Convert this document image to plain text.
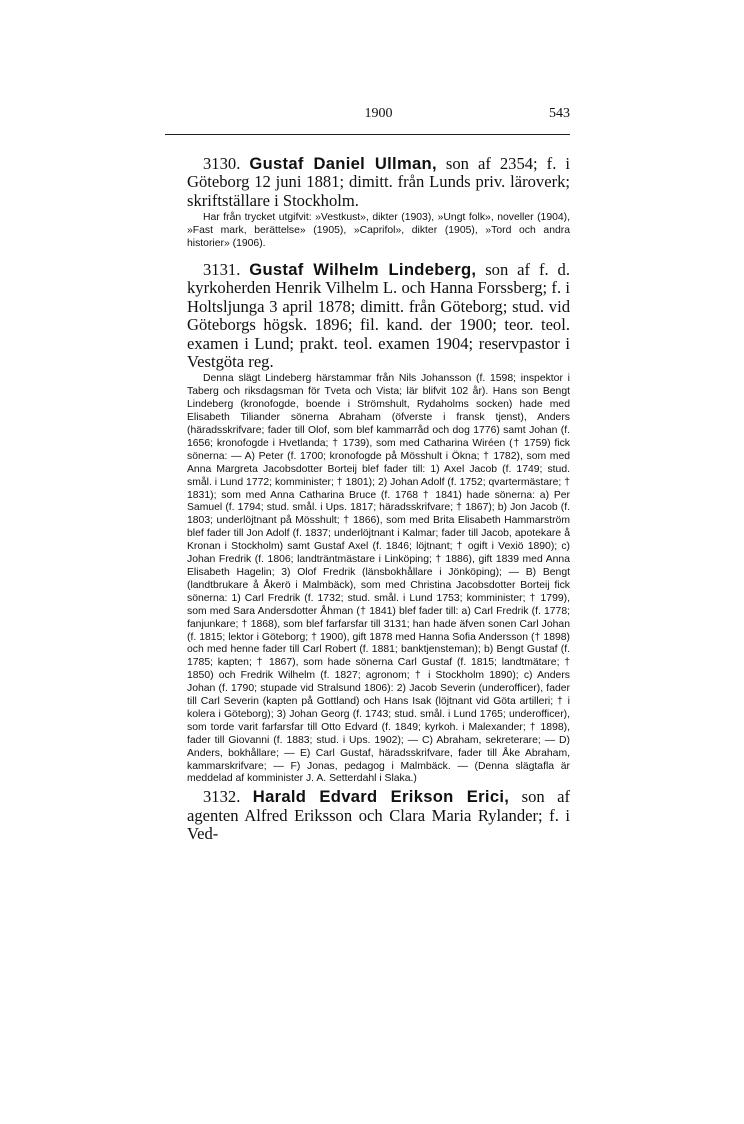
1900	543

3130. Gustaf Daniel Ullman, son af 2354; f. i Göteborg 12 juni 1881; dimitt. från Lunds priv. läroverk; skriftställare i Stockholm.

Har från trycket utgifvit: »Vestkust», dikter (1903), »Ungt folk», noveller (1904), »Fast mark, berättelse» (1905), »Caprifol», dikter (1905), »Tord och andra historier» (1906).

3131. Gustaf Wilhelm Lindeberg, son af f. d. kyrkoherden Henrik Vilhelm L. och Hanna Forssberg; f. i Holtsljunga 3 april 1878; dimitt. från Göteborg; stud. vid Göteborgs högsk. 1896; fil. kand. der 1900; teor. teol. examen i Lund; prakt. teol. examen 1904; reservpastor i Vestgöta reg.

Denna slägt Lindeberg härstammar från Nils Johansson (f. 1598; inspektor i Taberg och riksdagsman för Tveta och Vista; lär blifvit 102 år). Hans son Bengt Lindeberg (kronofogde, boende i Strömshult, Rydaholms socken) hade med Elisabeth Tiliander sönerna Abraham (öfverste i fransk tjenst), Anders (häradsskrifvare; fader till Olof, som blef kammarråd och dog 1776) samt Johan (f. 1656; kronofogde i Hvetlanda; † 1739), som med Catharina Wiréen († 1759) fick sönerna: — A) Peter (f. 1700; kronofogde på Mösshult i Ökna; † 1782), som med Anna Margreta Jacobsdotter Borteij blef fader till: 1) Axel Jacob (f. 1749; stud. smål. i Lund 1772; komminister; † 1801); 2) Johan Adolf (f. 1752; qvartermästare; † 1831); som med Anna Catharina Bruce (f. 1768 † 1841) hade sönerna: a) Per Samuel (f. 1794; stud. smål. i Ups. 1817; häradsskrifvare; † 1867); b) Jon Jacob (f. 1803; underlöjtnant på Mösshult; † 1866), som med Brita Elisabeth Hammarström blef fader till Jon Adolf (f. 1837; underlöjtnant i Kalmar; fader till Jacob, apotekare å Kronan i Stockholm) samt Gustaf Axel (f. 1846; löjtnant; † ogift i Vexiö 1890); c) Johan Fredrik (f. 1806; landträntmästare i Linköping; † 1886), gift 1839 med Anna Elisabeth Hagelin; 3) Olof Fredrik (länsbokhållare i Jönköping); — B) Bengt (landtbrukare å Åkerö i Malmbäck), som med Christina Jacobsdotter Borteij fick sönerna: 1) Carl Fredrik (f. 1732; stud. smål. i Lund 1753; komminister; † 1799), som med Sara Andersdotter Åhman († 1841) blef fader till: a) Carl Fredrik (f. 1778; fanjunkare; † 1868), som blef farfarsfar till 3131; han hade äfven sonen Carl Johan (f. 1815; lektor i Göteborg; † 1900), gift 1878 med Hanna Sofia Andersson († 1898) och med henne fader till Carl Robert (f. 1881; banktjensteman); b) Bengt Gustaf (f. 1785; kapten; † 1867), som hade sönerna Carl Gustaf (f. 1815; landtmätare; † 1850) och Fredrik Wilhelm (f. 1827; agronom; † i Stockholm 1890); c) Anders Johan (f. 1790; stupade vid Stralsund 1806): 2) Jacob Severin (underofficer), fader till Carl Severin (kapten på Gottland) och Hans Isak (löjtnant vid Göta artilleri; † i kolera i Göteborg); 3) Johan Georg (f. 1743; stud. smål. i Lund 1765; underofficer), som torde varit farfarsfar till Otto Edvard (f. 1849; kyrkoh. i Malexander; † 1898), fader till Giovanni (f. 1883; stud. i Ups. 1902); — C) Abraham, sekreterare; — D) Anders, bokhållare; — E) Carl Gustaf, häradsskrifvare, fader till Åke Abraham, kammarskrifvare; — F) Jonas, pedagog i Malmbäck. — (Denna slägtafla är meddelad af komminister J. A. Setterdahl i Slaka.)

3132. Harald Edvard Erikson Erici, son af agenten Alfred Eriksson och Clara Maria Rylander; f. i Ved-
